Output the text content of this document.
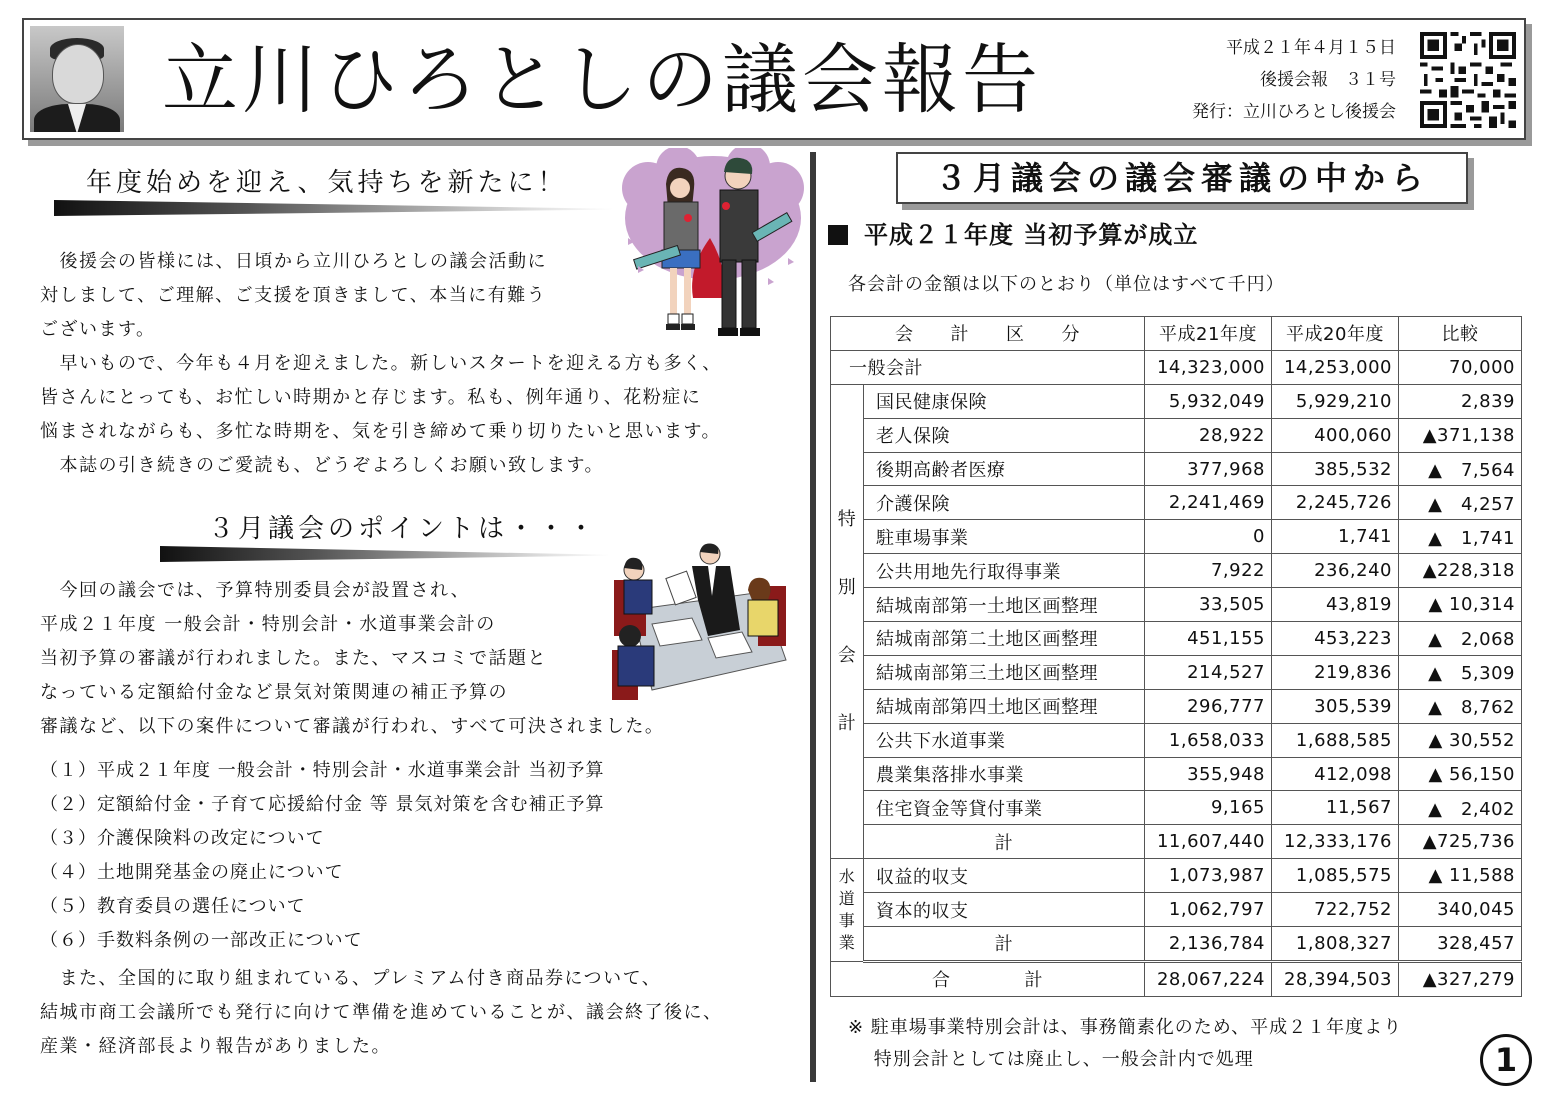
立川ひろとしの議会報告	平成２１年４月１５日
後援会報　３１号
発行：立川ひろとし後援会
年度始めを迎え、気持ちを新たに！
　後援会の皆様には、日頃から立川ひろとしの議会活動に
対しまして、ご理解、ご支援を頂きまして、本当に有難う
ございます。
　早いもので、今年も４月を迎えました。新しいスタートを迎える方も多く、
皆さんにとっても、お忙しい時期かと存じます。私も、例年通り、花粉症に
悩まされながらも、多忙な時期を、気を引き締めて乗り切りたいと思います。
　本誌の引き続きのご愛読も、どうぞよろしくお願い致します。
３月議会のポイントは・・・
　今回の議会では、予算特別委員会が設置され、
平成２１年度 一般会計・特別会計・水道事業会計の
当初予算の審議が行われました。また、マスコミで話題と
なっている定額給付金など景気対策関連の補正予算の
審議など、以下の案件について審議が行われ、すべて可決されました。
（１）平成２１年度 一般会計・特別会計・水道事業会計 当初予算
（２）定額給付金・子育て応援給付金 等 景気対策を含む補正予算
（３）介護保険料の改定について
（４）土地開発基金の廃止について
（５）教育委員の選任について
（６）手数料条例の一部改正について
　また、全国的に取り組まれている、プレミアム付き商品券について、
結城市商工会議所でも発行に向けて準備を進めていることが、議会終了後に、
産業・経済部長より報告がありました。
３月議会の議会審議の中から
平成２１年度 当初予算が成立
各会計の金額は以下のとおり（単位はすべて千円）
会　　計　　区　　分		平成21年度	平成20年度	比較
一般会計		14,323,000	14,253,000	70,000

特
別
会
計	国民健康保険	5,932,049	5,929,210	2,839
	老人保険	28,922	400,060	▲371,138
	後期高齢者医療	377,968	385,532	▲　7,564
	介護保険	2,241,469	2,245,726	▲　4,257
	駐車場事業	0	1,741	▲　1,741
	公共用地先行取得事業	7,922	236,240	▲228,318
	結城南部第一土地区画整理	33,505	43,819	▲ 10,314
	結城南部第二土地区画整理	451,155	453,223	▲　2,068
	結城南部第三土地区画整理	214,527	219,836	▲　5,309
	結城南部第四土地区画整理	296,777	305,539	▲　8,762
	公共下水道事業	1,658,033	1,688,585	▲ 30,552
	農業集落排水事業	355,948	412,098	▲ 56,150
	住宅資金等貸付事業	9,165	11,567	▲　2,402
	計	11,607,440	12,333,176	▲725,736

水
道
事
業	収益的収支	1,073,987	1,085,575	▲ 11,588
	資本的収支	1,062,797	722,752	340,045
	計	2,136,784	1,808,327	328,457
合　　　　計		28,067,224	28,394,503	▲327,279
※ 駐車場事業特別会計は、事務簡素化のため、平成２１年度より
　 特別会計としては廃止し、一般会計内で処理	1
